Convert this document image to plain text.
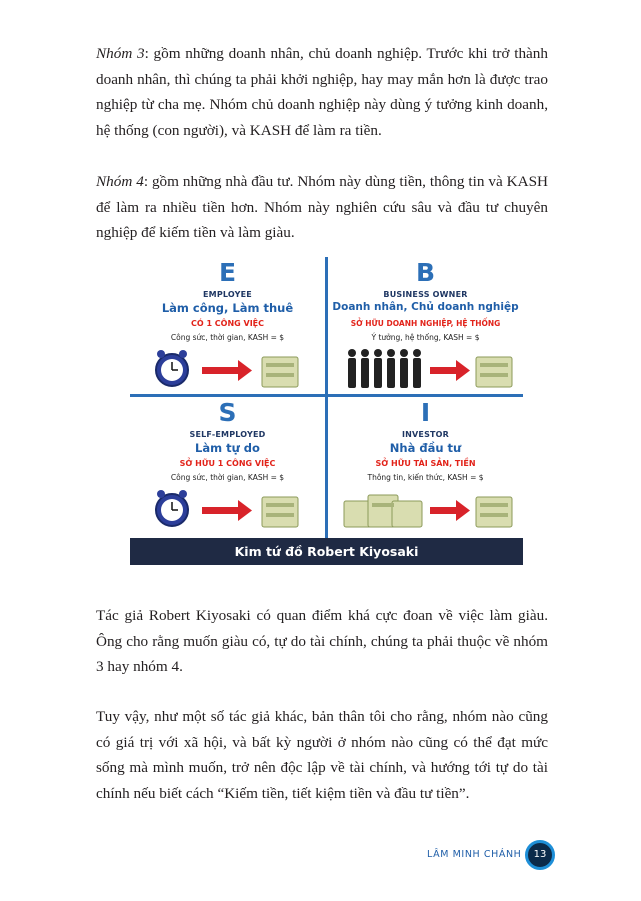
Nhóm 3: gồm những doanh nhân, chủ doanh nghiệp. Trước khi trở thành doanh nhân, thì chúng ta phải khởi nghiệp, hay may mắn hơn là được trao nghiệp từ cha mẹ. Nhóm chủ doanh nghiệp này dùng ý tưởng kinh doanh, hệ thống (con người), và KASH để làm ra tiền.

Nhóm 4: gồm những nhà đầu tư. Nhóm này dùng tiền, thông tin và KASH để làm ra nhiều tiền hơn. Nhóm này nghiên cứu sâu và đầu tư chuyên nghiệp để kiếm tiền và làm giàu.

E
EMPLOYEE
Làm công, Làm thuê
CÓ 1 CÔNG VIỆC
Công sức, thời gian, KASH = $
B
BUSINESS OWNER
Doanh nhân, Chủ doanh nghiệp
SỞ HỮU DOANH NGHIỆP, HỆ THỐNG
Ý tưởng, hệ thống, KASH = $
S
SELF-EMPLOYED
Làm tự do
SỞ HỮU 1 CÔNG VIỆC
Công sức, thời gian, KASH = $
I
INVESTOR
Nhà đầu tư
SỞ HỮU TÀI SẢN, TIỀN
Thông tin, kiến thức, KASH = $
Kim tứ đồ Robert Kiyosaki

Tác giả Robert Kiyosaki có quan điểm khá cực đoan về việc làm giàu. Ông cho rằng muốn giàu có, tự do tài chính, chúng ta phải thuộc về nhóm 3 hay nhóm 4.

Tuy vậy, như một số tác giả khác, bản thân tôi cho rằng, nhóm nào cũng có giá trị với xã hội, và bất kỳ người ở nhóm nào cũng có thể đạt mức sống mà mình muốn, trở nên độc lập về tài chính, và hướng tới tự do tài chính nếu biết cách “Kiếm tiền, tiết kiệm tiền và đầu tư tiền”.

LÂM MINH CHÁNH	13
